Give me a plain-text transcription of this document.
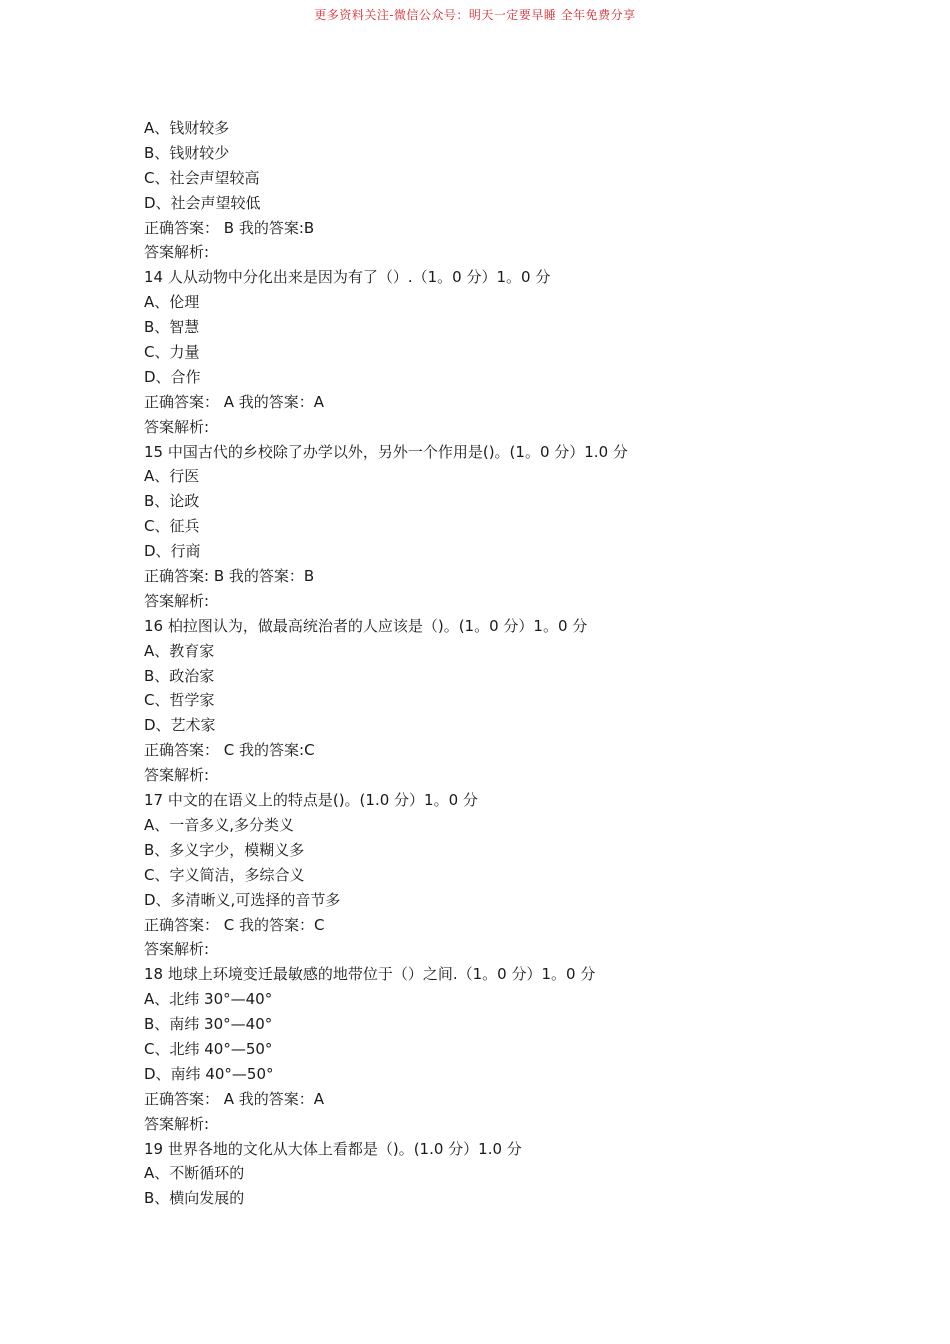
更多资料关注-微信公众号：明天一定要早睡 全年免费分享
A、钱财较多
B、钱财较少
C、社会声望较高
D、社会声望较低
正确答案： B 我的答案:B
答案解析:
14 人从动物中分化出来是因为有了（）.（1。0 分）1。0 分
A、伦理
B、智慧
C、力量
D、合作
正确答案： A 我的答案：A
答案解析:
15 中国古代的乡校除了办学以外，另外一个作用是()。(1。0 分）1.0 分
A、行医
B、论政
C、征兵
D、行商
正确答案: B 我的答案：B
答案解析:
16 柏拉图认为，做最高统治者的人应该是（)。(1。0 分）1。0 分
A、教育家
B、政治家
C、哲学家
D、艺术家
正确答案： C 我的答案:C
答案解析:
17 中文的在语义上的特点是()。(1.0 分）1。0 分
A、一音多义,多分类义
B、多义字少，模糊义多
C、字义简洁，多综合义
D、多清晰义,可选择的音节多
正确答案： C 我的答案：C
答案解析:
18 地球上环境变迁最敏感的地带位于（）之间.（1。0 分）1。0 分
A、北纬 30°—40°
B、南纬 30°—40°
C、北纬 40°—50°
D、南纬 40°—50°
正确答案： A 我的答案：A
答案解析:
19 世界各地的文化从大体上看都是（)。(1.0 分）1.0 分
A、不断循环的
B、横向发展的
